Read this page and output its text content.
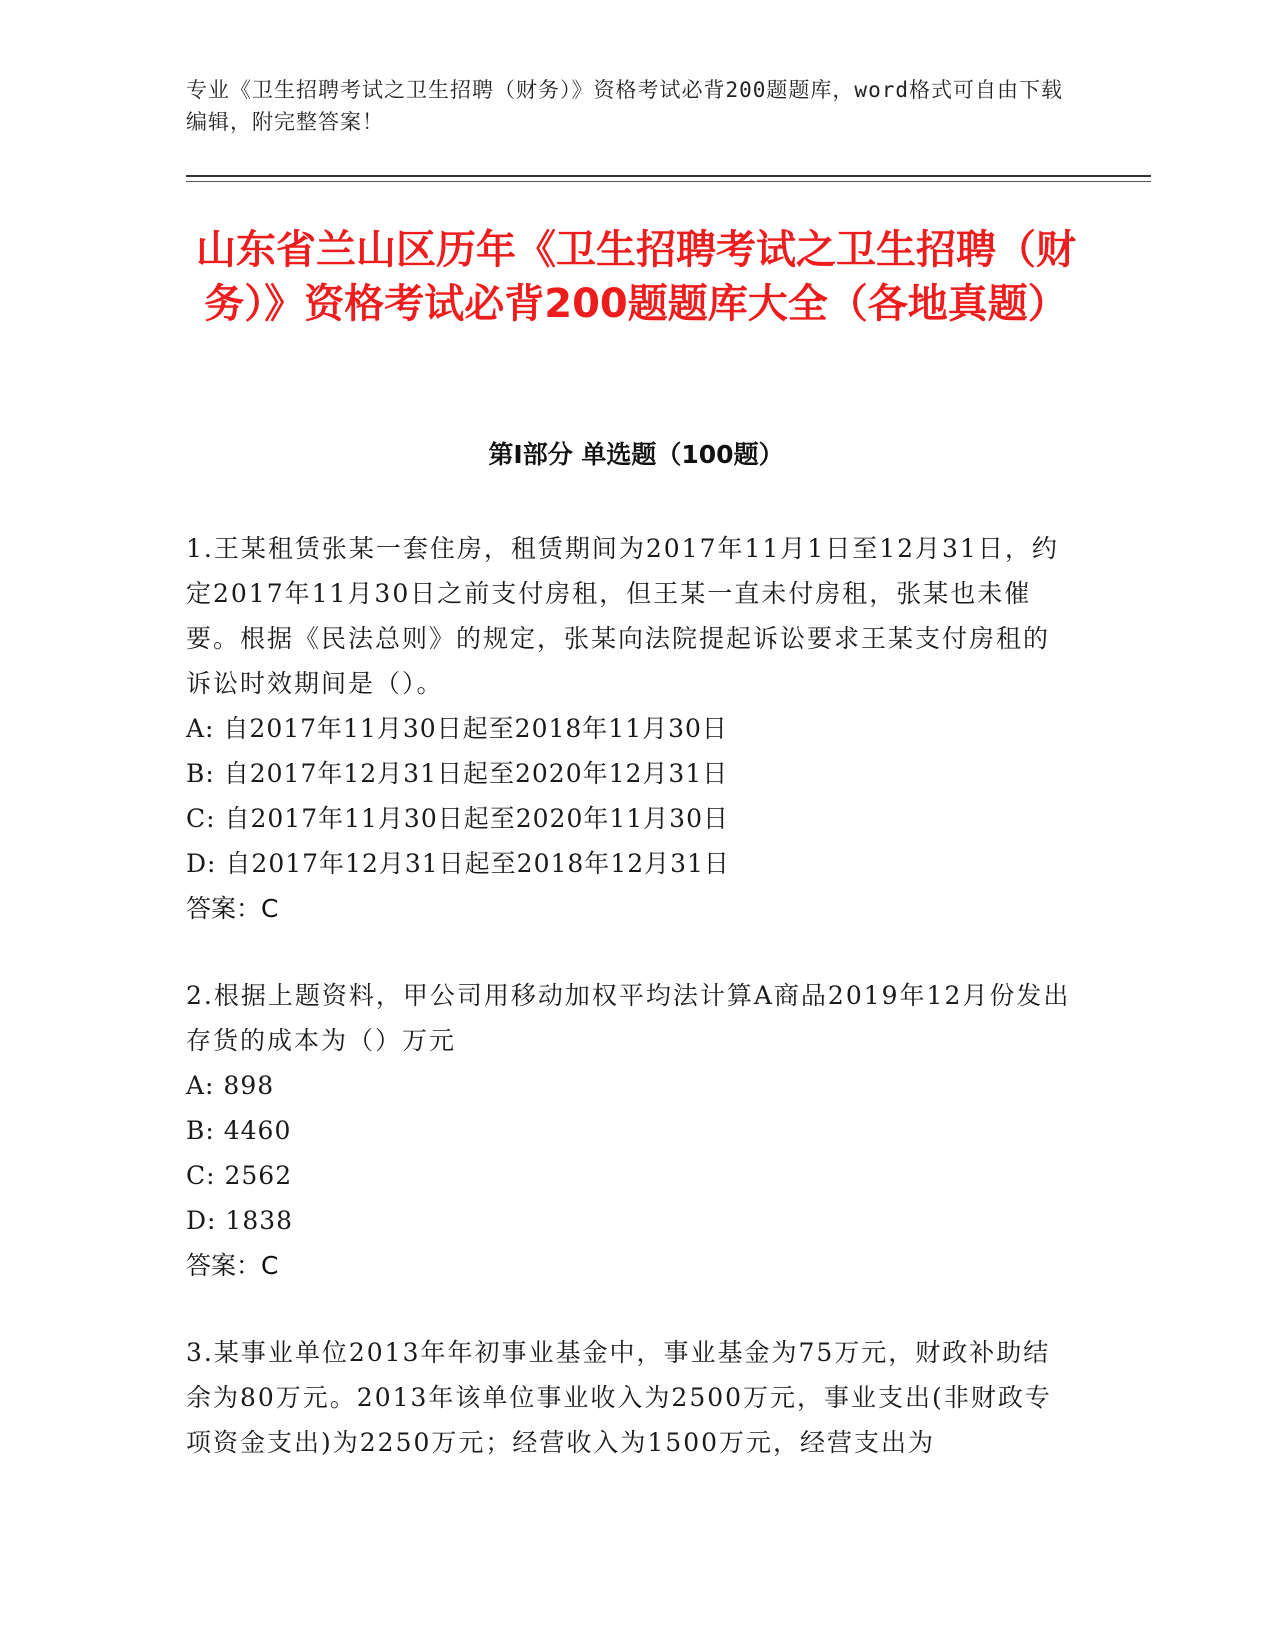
专业《卫生招聘考试之卫生招聘（财务）》资格考试必背200题题库，word格式可自由下载编辑，附完整答案！
山东省兰山区历年《卫生招聘考试之卫生招聘（财务）》资格考试必背200题题库大全（各地真题）
第Ⅰ部分 单选题（100题）
1.王某租赁张某一套住房，租赁期间为2017年11月1日至12月31日，约定2017年11月30日之前支付房租，但王某一直未付房租，张某也未催要。根据《民法总则》的规定，张某向法院提起诉讼要求王某支付房租的诉讼时效期间是（）。
A: 自2017年11月30日起至2018年11月30日
B: 自2017年12月31日起至2020年12月31日
C: 自2017年11月30日起至2020年11月30日
D: 自2017年12月31日起至2018年12月31日
答案：C
2.根据上题资料，甲公司用移动加权平均法计算A商品2019年12月份发出存货的成本为（）万元
A: 898
B: 4460
C: 2562
D: 1838
答案：C
3.某事业单位2013年年初事业基金中，事业基金为75万元，财政补助结余为80万元。2013年该单位事业收入为2500万元，事业支出(非财政专项资金支出)为2250万元；经营收入为1500万元，经营支出为
